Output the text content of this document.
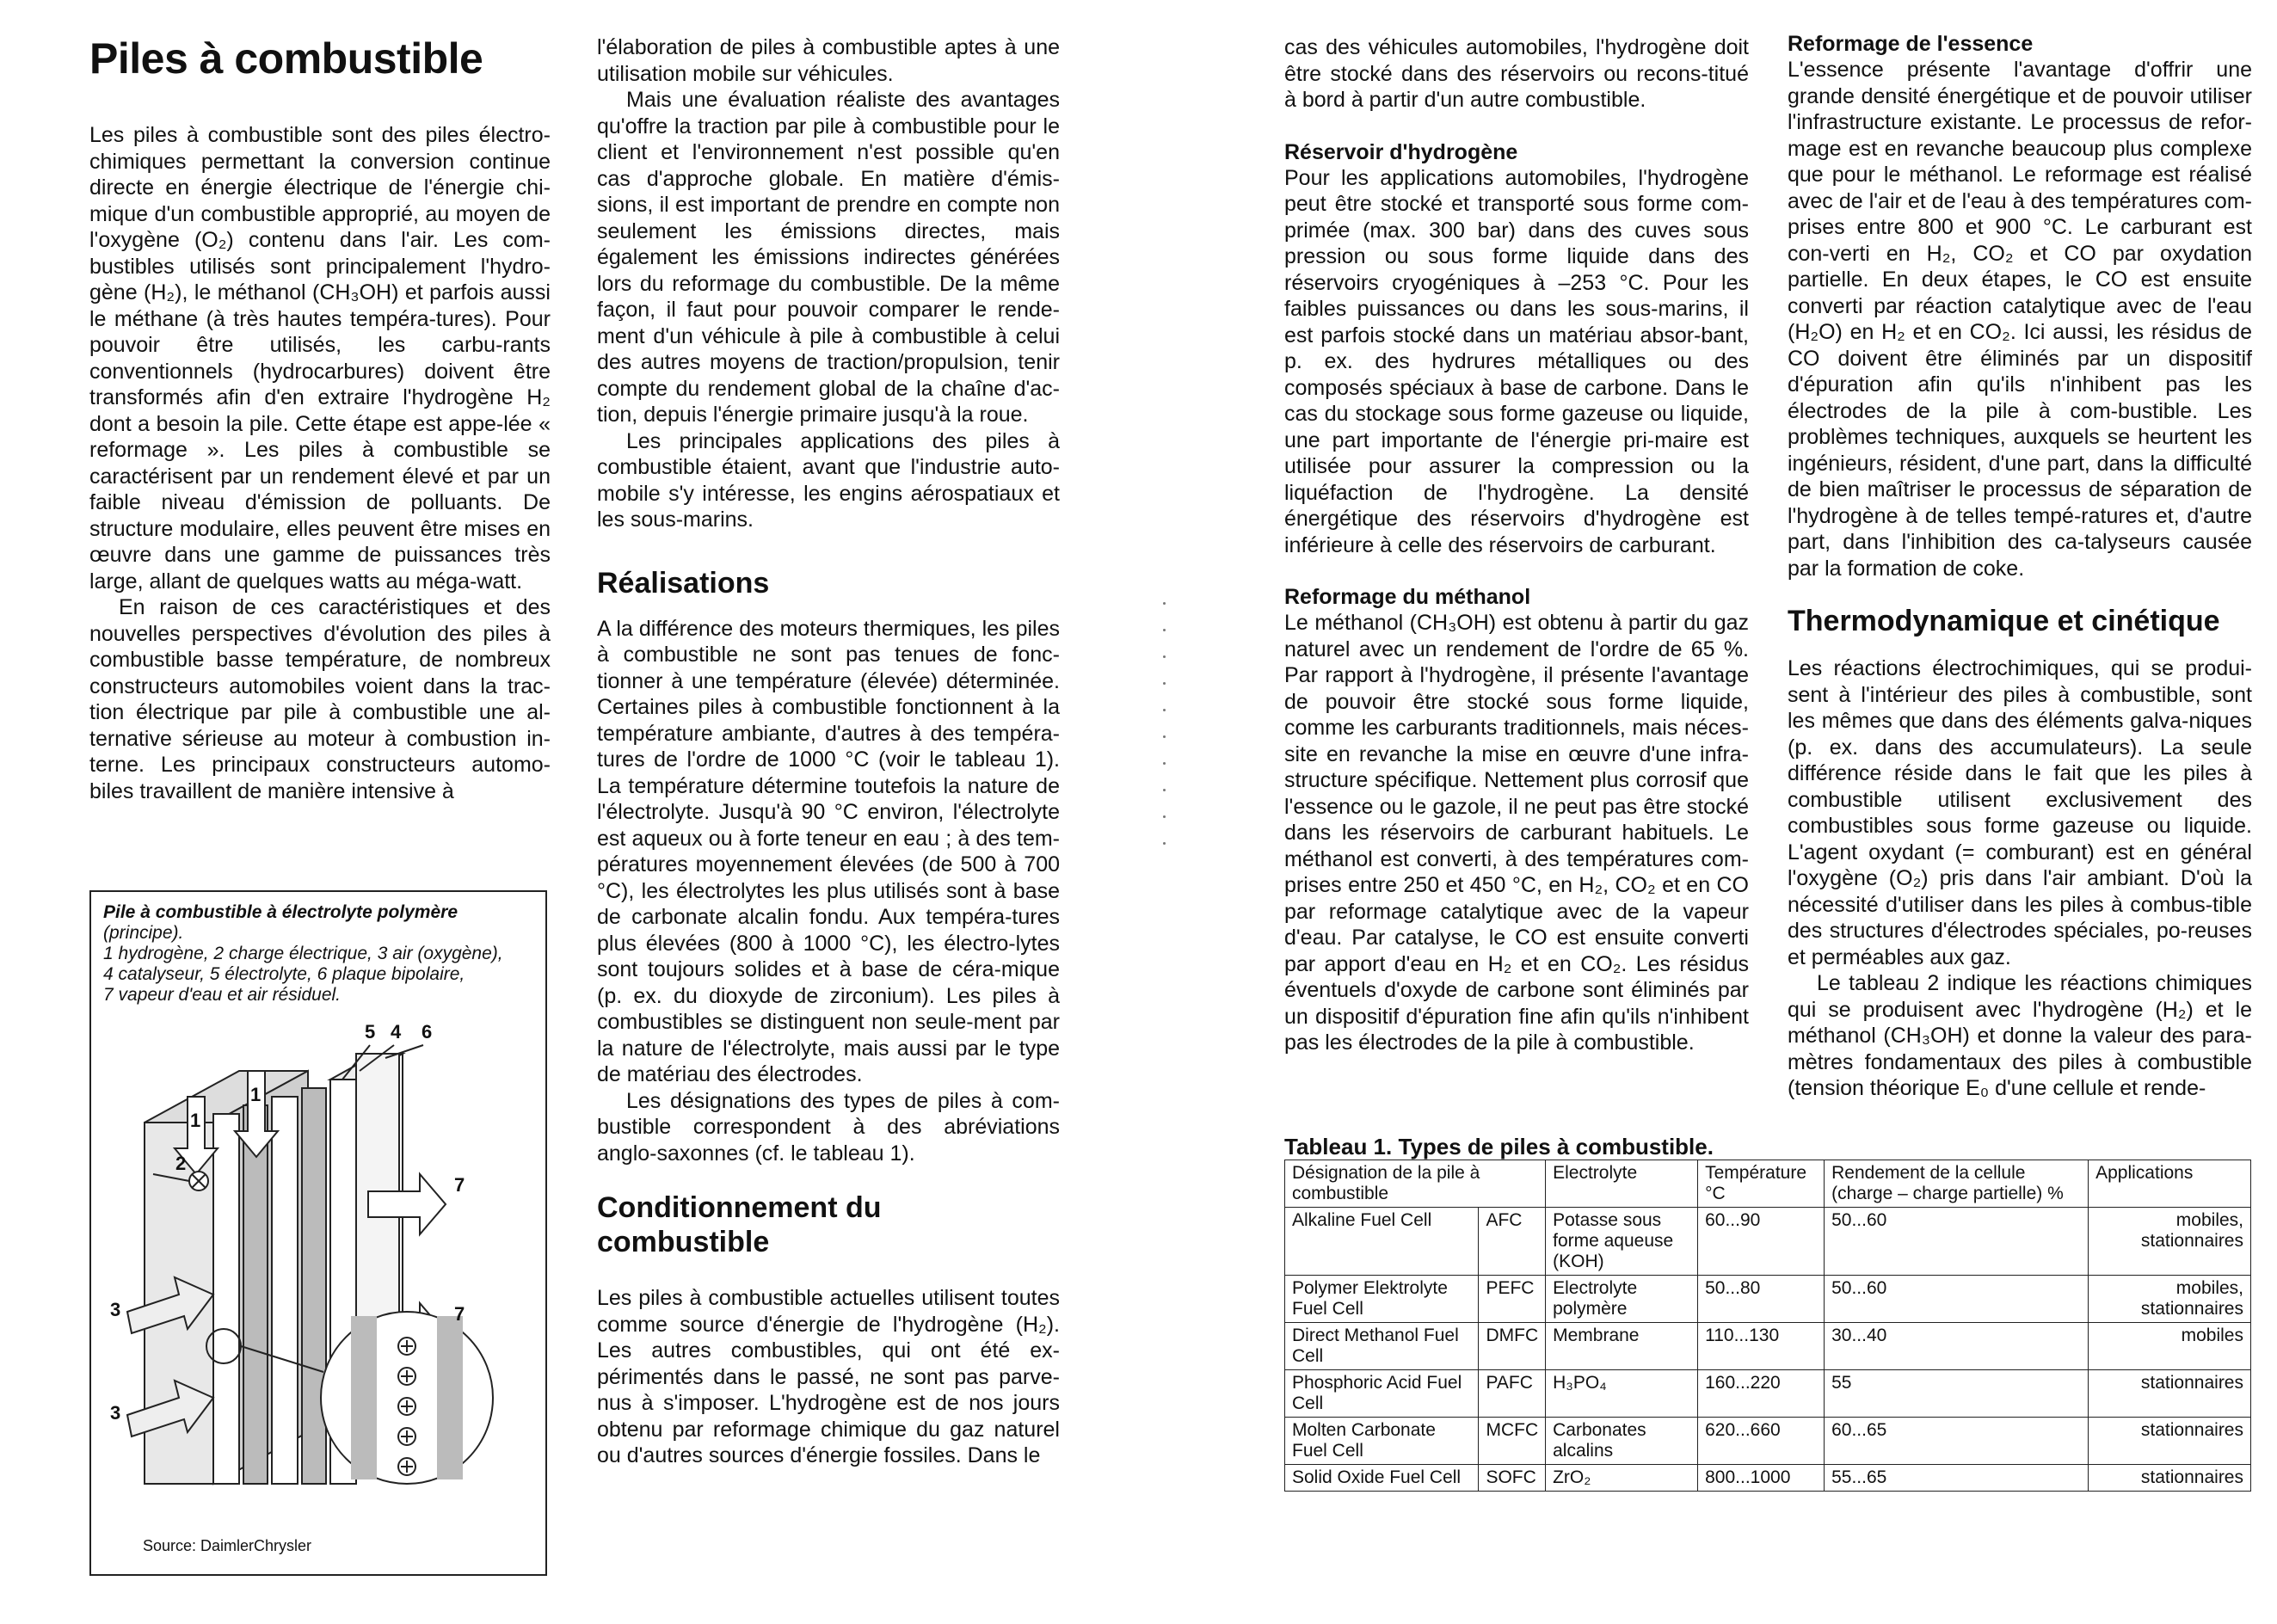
Piles à combustible

Les piles à combustible sont des piles électro-chimiques permettant la conversion continue directe en énergie électrique de l'énergie chi-mique d'un combustible approprié, au moyen de l'oxygène (O₂) contenu dans l'air. Les com-bustibles utilisés sont principalement l'hydro-gène (H₂), le méthanol (CH₃OH) et parfois aussi le méthane (à très hautes tempéra-tures). Pour pouvoir être utilisés, les carbu-rants conventionnels (hydrocarbures) doivent être transformés afin d'en extraire l'hydrogène H₂ dont a besoin la pile. Cette étape est appe-lée « reformage ». Les piles à combustible se caractérisent par un rendement élevé et par un faible niveau d'émission de polluants. De structure modulaire, elles peuvent être mises en œuvre dans une gamme de puissances très large, allant de quelques watts au méga-watt.

En raison de ces caractéristiques et des nouvelles perspectives d'évolution des piles à combustible basse température, de nombreux constructeurs automobiles voient dans la trac-tion électrique par pile à combustible une al-ternative sérieuse au moteur à combustion in-terne. Les principaux constructeurs automo-biles travaillent de manière intensive à

Pile à combustible à électrolyte polymère
(principe).
1 hydrogène, 2 charge électrique, 3 air (oxygène),
4 catalyseur, 5 électrolyte, 6 plaque bipolaire,
7 vapeur d'eau et air résiduel.
1
1
2
3
3
5 4 6
7
7
Source: DaimlerChrysler

l'élaboration de piles à combustible aptes à une utilisation mobile sur véhicules.

Mais une évaluation réaliste des avantages qu'offre la traction par pile à combustible pour le client et l'environnement n'est possible qu'en cas d'approche globale. En matière d'émis-sions, il est important de prendre en compte non seulement les émissions directes, mais également les émissions indirectes générées lors du reformage du combustible. De la même façon, il faut pour pouvoir comparer le rende-ment d'un véhicule à pile à combustible à celui des autres moyens de traction/propulsion, tenir compte du rendement global de la chaîne d'ac-tion, depuis l'énergie primaire jusqu'à la roue.

Les principales applications des piles à combustible étaient, avant que l'industrie auto-mobile s'y intéresse, les engins aérospatiaux et les sous-marins.

Réalisations

A la différence des moteurs thermiques, les piles à combustible ne sont pas tenues de fonc-tionner à une température (élevée) déterminée. Certaines piles à combustible fonctionnent à la température ambiante, d'autres à des tempéra-tures de l'ordre de 1000 °C (voir le tableau 1). La température détermine toutefois la nature de l'électrolyte. Jusqu'à 90 °C environ, l'électrolyte est aqueux ou à forte teneur en eau ; à des tem-pératures moyennement élevées (de 500 à 700 °C), les électrolytes les plus utilisés sont à base de carbonate alcalin fondu. Aux tempéra-tures plus élevées (800 à 1000 °C), les électro-lytes sont toujours solides et à base de céra-mique (p. ex. du dioxyde de zirconium). Les piles à combustibles se distinguent non seule-ment par la nature de l'électrolyte, mais aussi par le type de matériau des électrodes.

Les désignations des types de piles à com-bustible correspondent à des abréviations anglo-saxonnes (cf. le tableau 1).

Conditionnement du combustible

Les piles à combustible actuelles utilisent toutes comme source d'énergie de l'hydrogène (H₂). Les autres combustibles, qui ont été ex-périmentés dans le passé, ne sont pas parve-nus à s'imposer. L'hydrogène est de nos jours obtenu par reformage chimique du gaz naturel ou d'autres sources d'énergie fossiles. Dans le

cas des véhicules automobiles, l'hydrogène doit être stocké dans des réservoirs ou recons-titué à bord à partir d'un autre combustible.

Réservoir d'hydrogène

Pour les applications automobiles, l'hydrogène peut être stocké et transporté sous forme com-primée (max. 300 bar) dans des cuves sous pression ou sous forme liquide dans des réservoirs cryogéniques à –253 °C. Pour les faibles puissances ou dans les sous-marins, il est parfois stocké dans un matériau absor-bant, p. ex. des hydrures métalliques ou des composés spéciaux à base de carbone. Dans le cas du stockage sous forme gazeuse ou liquide, une part importante de l'énergie pri-maire est utilisée pour assurer la compression ou la liquéfaction de l'hydrogène. La densité énergétique des réservoirs d'hydrogène est inférieure à celle des réservoirs de carburant.

Reformage du méthanol

Le méthanol (CH₃OH) est obtenu à partir du gaz naturel avec un rendement de l'ordre de 65 %. Par rapport à l'hydrogène, il présente l'avantage de pouvoir être stocké sous forme liquide, comme les carburants traditionnels, mais néces-site en revanche la mise en œuvre d'une infra-structure spécifique. Nettement plus corrosif que l'essence ou le gazole, il ne peut pas être stocké dans les réservoirs de carburant habituels. Le méthanol est converti, à des températures com-prises entre 250 et 450 °C, en H₂, CO₂ et en CO par reformage catalytique avec de la vapeur d'eau. Par catalyse, le CO est ensuite converti par apport d'eau en H₂ et en CO₂. Les résidus éventuels d'oxyde de carbone sont éliminés par un dispositif d'épuration fine afin qu'ils n'inhibent pas les électrodes de la pile à combustible.

Reformage de l'essence

L'essence présente l'avantage d'offrir une grande densité énergétique et de pouvoir utiliser l'infrastructure existante. Le processus de refor-mage est en revanche beaucoup plus complexe que pour le méthanol. Le reformage est réalisé avec de l'air et de l'eau à des températures com-prises entre 800 et 900 °C. Le carburant est con-verti en H₂, CO₂ et CO par oxydation partielle. En deux étapes, le CO est ensuite converti par réaction catalytique avec de l'eau (H₂O) en H₂ et en CO₂. Ici aussi, les résidus de CO doivent être éliminés par un dispositif d'épuration afin qu'ils n'inhibent pas les électrodes de la pile à com-bustible. Les problèmes techniques, auxquels se heurtent les ingénieurs, résident, d'une part, dans la difficulté de bien maîtriser le processus de séparation de l'hydrogène à de telles tempé-ratures et, d'autre part, dans l'inhibition des ca-talyseurs causée par la formation de coke.

Thermodynamique et cinétique

Les réactions électrochimiques, qui se produi-sent à l'intérieur des piles à combustible, sont les mêmes que dans des éléments galva-niques (p. ex. dans des accumulateurs). La seule différence réside dans le fait que les piles à combustible utilisent exclusivement des combustibles sous forme gazeuse ou liquide. L'agent oxydant (= comburant) est en général l'oxygène (O₂) pris dans l'air ambiant. D'où la nécessité d'utiliser dans les piles à combus-tible des structures d'électrodes spéciales, po-reuses et perméables aux gaz.

Le tableau 2 indique les réactions chimiques qui se produisent avec l'hydrogène (H₂) et le méthanol (CH₃OH) et donne la valeur des para-mètres fondamentaux des piles à combustible (tension théorique E₀ d'une cellule et rende-

Tableau 1. Types de piles à combustible.
Désignation de la pile à combustible		Electrolyte	Température °C	Rendement de la cellule (charge – charge partielle) %	Applications
Alkaline Fuel Cell	AFC	Potasse sous forme aqueuse (KOH)	60...90	50...60	mobiles, stationnaires
Polymer Elektrolyte Fuel Cell	PEFC	Electrolyte polymère	50...80	50...60	mobiles, stationnaires
Direct Methanol Fuel Cell	DMFC	Membrane	110...130	30...40	mobiles
Phosphoric Acid Fuel Cell	PAFC	H₃PO₄	160...220	55	stationnaires
Molten Carbonate Fuel Cell	MCFC	Carbonates alcalins	620...660	60...65	stationnaires
Solid Oxide Fuel Cell	SOFC	ZrO₂	800...1000	55...65	stationnaires
